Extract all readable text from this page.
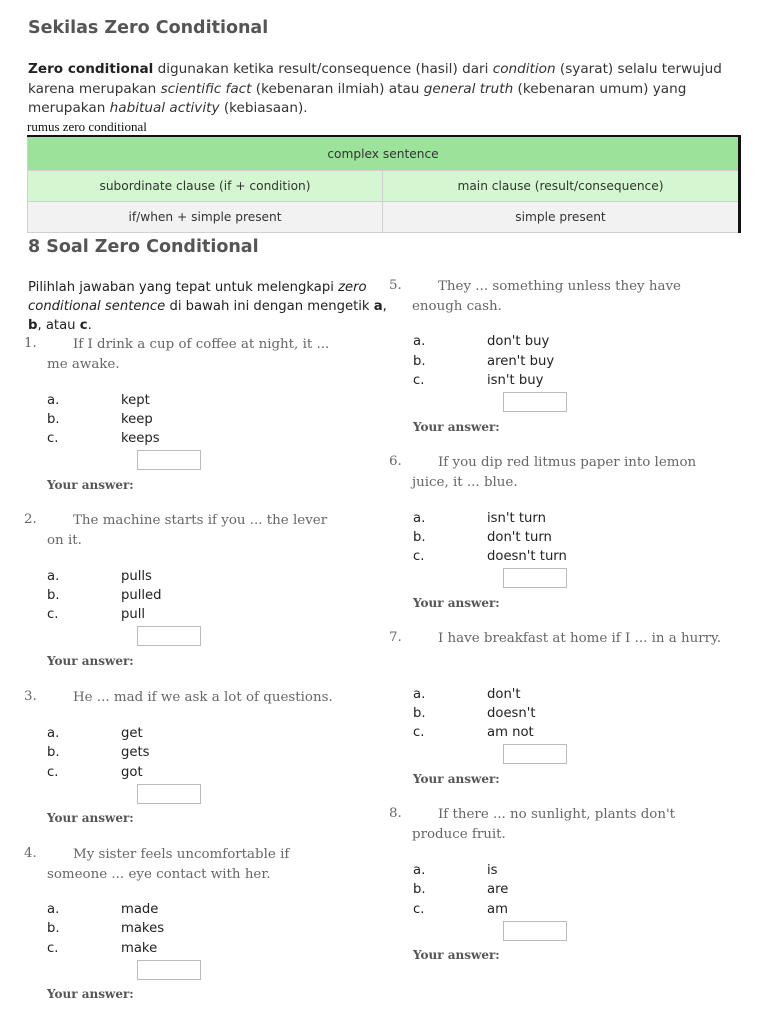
Sekilas Zero Conditional
Zero conditional digunakan ketika result/consequence (hasil) dari condition (syarat) selalu terwujud karena merupakan scientific fact (kebenaran ilmiah) atau general truth (kebenaran umum) yang merupakan habitual activity (kebiasaan).
rumus zero conditional
complex sentence	
subordinate clause (if + condition)	main clause (result/consequence)
if/when + simple present	simple present
8 Soal Zero Conditional
Pilihlah jawaban yang tepat untuk melengkapi zero conditional sentence di bawah ini dengan mengetik a, b, atau c.
1.	If I drink a cup of coffee at night, it ... me awake.
a.	kept
b.	keep
c.	keeps
Your answer:
2.	The machine starts if you ... the lever on it.
a.	pulls
b.	pulled
c.	pull
Your answer:
3.	He ... mad if we ask a lot of questions.
a.	get
b.	gets
c.	got
Your answer:
4.	My sister feels uncomfortable if someone ... eye contact with her.
a.	made
b.	makes
c.	make
Your answer:
5.	They ... something unless they have enough cash.
a.	don't buy
b.	aren't buy
c.	isn't buy
Your answer:
6.	If you dip red litmus paper into lemon juice, it ... blue.
a.	isn't turn
b.	don't turn
c.	doesn't turn
Your answer:
7.	I have breakfast at home if I ... in a hurry.
a.	don't
b.	doesn't
c.	am not
Your answer:
8.	If there ... no sunlight, plants don't produce fruit.
a.	is
b.	are
c.	am
Your answer:
